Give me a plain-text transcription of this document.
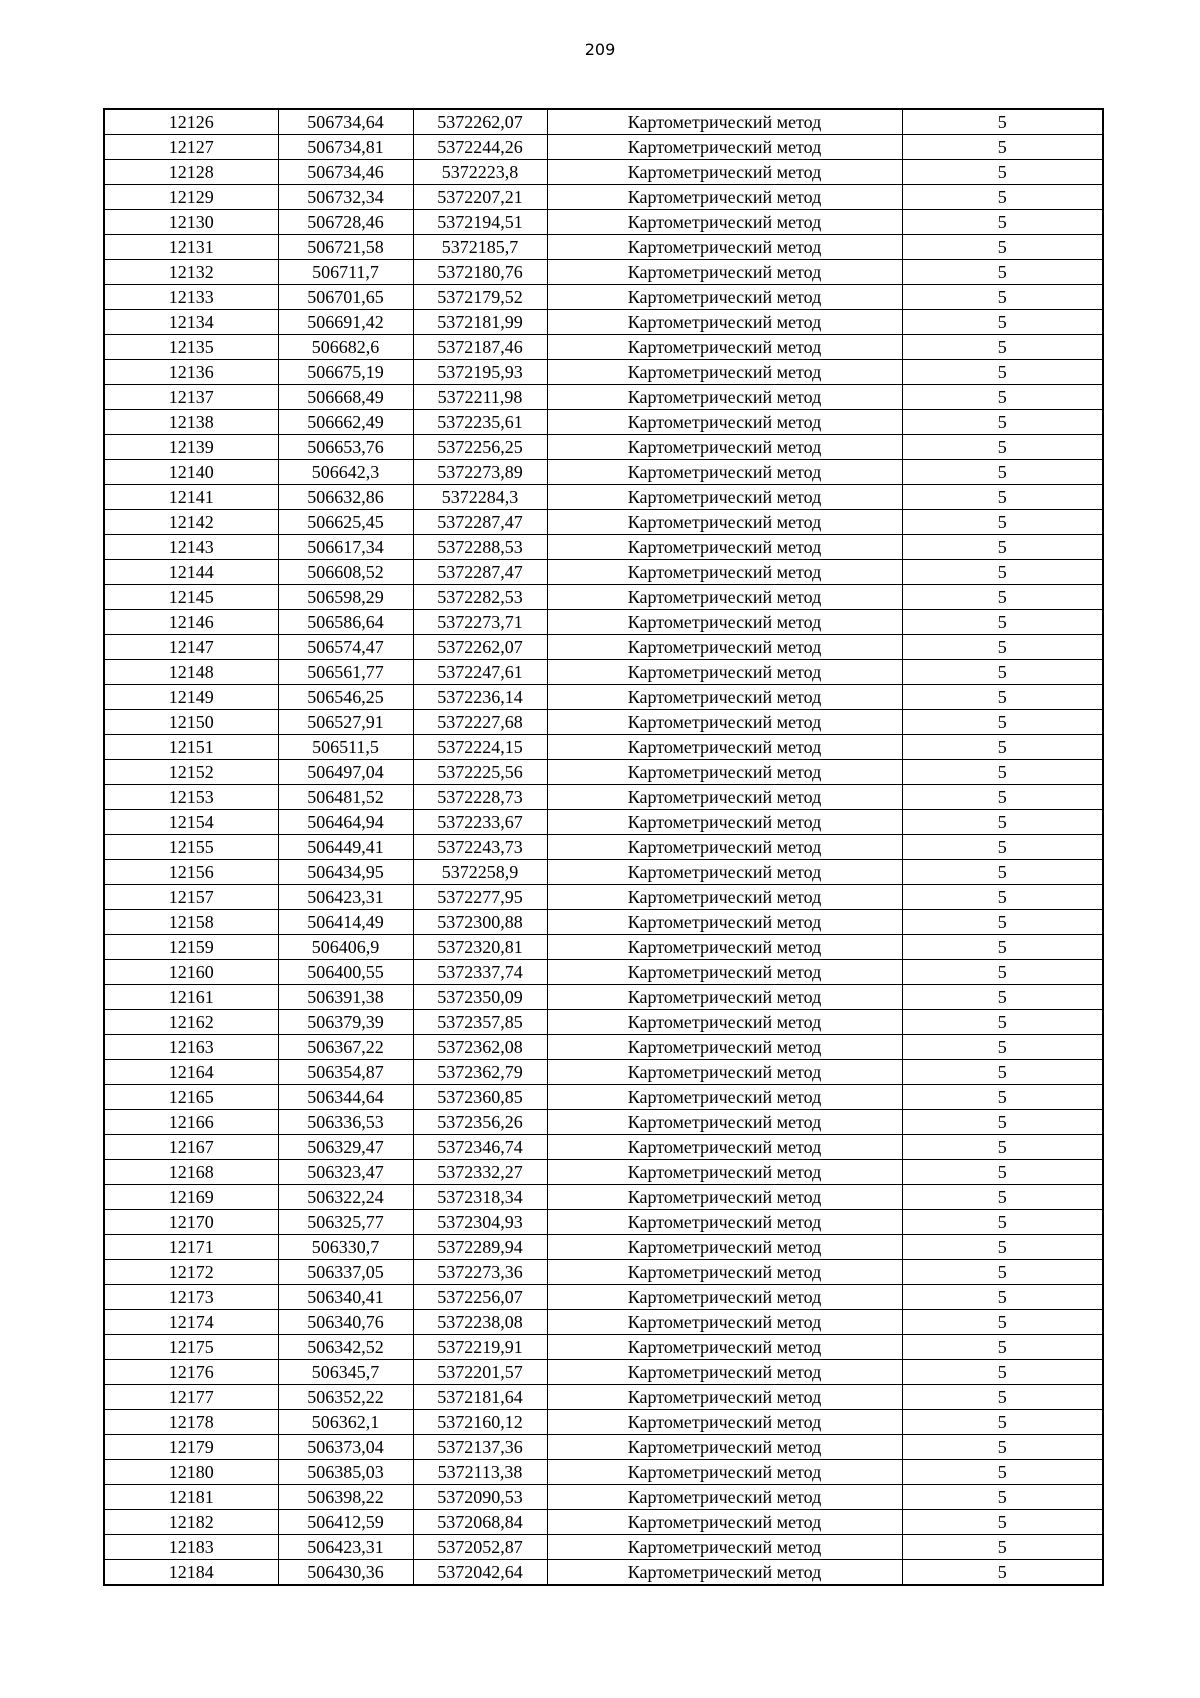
209
12126	506734,64	5372262,07	Картометрический метод	5
12127	506734,81	5372244,26	Картометрический метод	5
12128	506734,46	5372223,8	Картометрический метод	5
12129	506732,34	5372207,21	Картометрический метод	5
12130	506728,46	5372194,51	Картометрический метод	5
12131	506721,58	5372185,7	Картометрический метод	5
12132	506711,7	5372180,76	Картометрический метод	5
12133	506701,65	5372179,52	Картометрический метод	5
12134	506691,42	5372181,99	Картометрический метод	5
12135	506682,6	5372187,46	Картометрический метод	5
12136	506675,19	5372195,93	Картометрический метод	5
12137	506668,49	5372211,98	Картометрический метод	5
12138	506662,49	5372235,61	Картометрический метод	5
12139	506653,76	5372256,25	Картометрический метод	5
12140	506642,3	5372273,89	Картометрический метод	5
12141	506632,86	5372284,3	Картометрический метод	5
12142	506625,45	5372287,47	Картометрический метод	5
12143	506617,34	5372288,53	Картометрический метод	5
12144	506608,52	5372287,47	Картометрический метод	5
12145	506598,29	5372282,53	Картометрический метод	5
12146	506586,64	5372273,71	Картометрический метод	5
12147	506574,47	5372262,07	Картометрический метод	5
12148	506561,77	5372247,61	Картометрический метод	5
12149	506546,25	5372236,14	Картометрический метод	5
12150	506527,91	5372227,68	Картометрический метод	5
12151	506511,5	5372224,15	Картометрический метод	5
12152	506497,04	5372225,56	Картометрический метод	5
12153	506481,52	5372228,73	Картометрический метод	5
12154	506464,94	5372233,67	Картометрический метод	5
12155	506449,41	5372243,73	Картометрический метод	5
12156	506434,95	5372258,9	Картометрический метод	5
12157	506423,31	5372277,95	Картометрический метод	5
12158	506414,49	5372300,88	Картометрический метод	5
12159	506406,9	5372320,81	Картометрический метод	5
12160	506400,55	5372337,74	Картометрический метод	5
12161	506391,38	5372350,09	Картометрический метод	5
12162	506379,39	5372357,85	Картометрический метод	5
12163	506367,22	5372362,08	Картометрический метод	5
12164	506354,87	5372362,79	Картометрический метод	5
12165	506344,64	5372360,85	Картометрический метод	5
12166	506336,53	5372356,26	Картометрический метод	5
12167	506329,47	5372346,74	Картометрический метод	5
12168	506323,47	5372332,27	Картометрический метод	5
12169	506322,24	5372318,34	Картометрический метод	5
12170	506325,77	5372304,93	Картометрический метод	5
12171	506330,7	5372289,94	Картометрический метод	5
12172	506337,05	5372273,36	Картометрический метод	5
12173	506340,41	5372256,07	Картометрический метод	5
12174	506340,76	5372238,08	Картометрический метод	5
12175	506342,52	5372219,91	Картометрический метод	5
12176	506345,7	5372201,57	Картометрический метод	5
12177	506352,22	5372181,64	Картометрический метод	5
12178	506362,1	5372160,12	Картометрический метод	5
12179	506373,04	5372137,36	Картометрический метод	5
12180	506385,03	5372113,38	Картометрический метод	5
12181	506398,22	5372090,53	Картометрический метод	5
12182	506412,59	5372068,84	Картометрический метод	5
12183	506423,31	5372052,87	Картометрический метод	5
12184	506430,36	5372042,64	Картометрический метод	5
